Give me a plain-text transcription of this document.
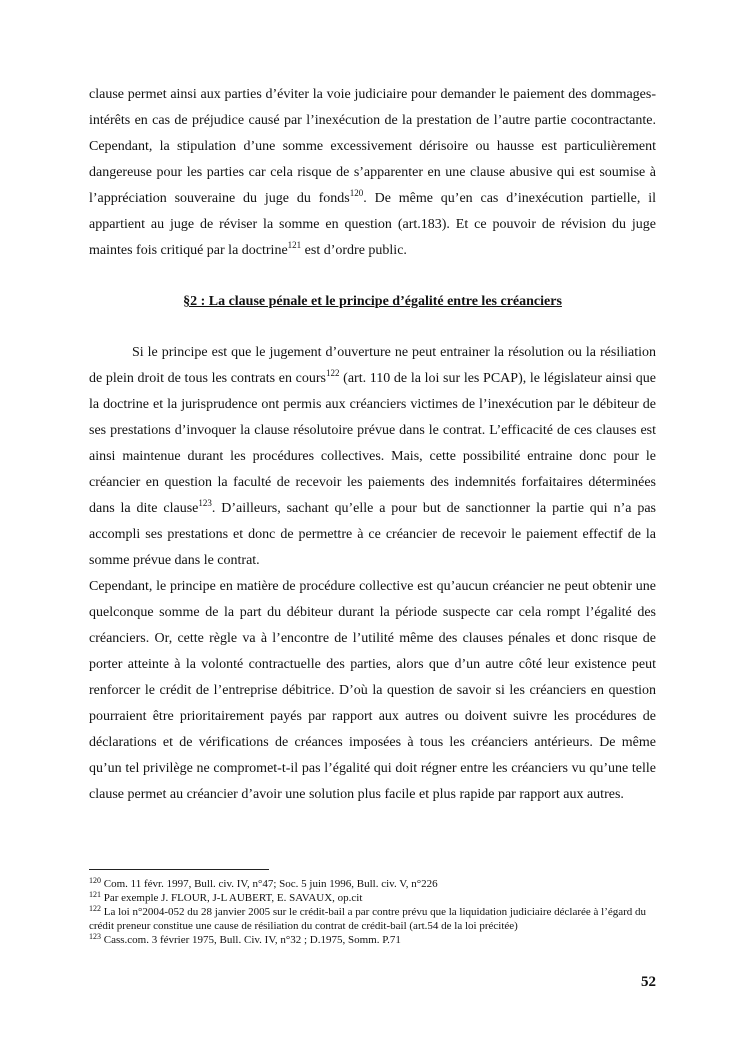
clause permet ainsi aux parties d’éviter la voie judiciaire pour demander le paiement des dommages-intérêts en cas de préjudice causé par l’inexécution de la prestation de l’autre partie cocontractante. Cependant, la stipulation d’une somme excessivement dérisoire ou hausse est particulièrement dangereuse pour les parties car cela risque de s’apparenter en une clause abusive qui est soumise à l’appréciation souveraine du juge du fonds$^{120}$. De même qu’en cas d’inexécution partielle, il appartient au juge de réviser la somme en question (art.183). Et ce pouvoir de révision du juge maintes fois critiqué par la doctrine$^{121}$ est d’ordre public.

§2 : La clause pénale et le principe d’égalité entre les créanciers

Si le principe est que le jugement d’ouverture ne peut entrainer la résolution ou la résiliation de plein droit de tous les contrats en cours$^{122}$ (art. 110 de la loi sur les PCAP), le législateur ainsi que la doctrine et la jurisprudence ont permis aux créanciers victimes de l’inexécution par le débiteur de ses prestations d’invoquer la clause résolutoire prévue dans le contrat. L’efficacité de ces clauses est ainsi maintenue durant les procédures collectives. Mais, cette possibilité entraine donc pour le créancier en question la faculté de recevoir les paiements des indemnités forfaitaires déterminées dans la dite clause$^{123}$. D’ailleurs, sachant qu’elle a pour but de sanctionner la partie qui n’a pas accompli ses prestations et donc de permettre à ce créancier de recevoir le paiement effectif de la somme prévue dans le contrat.

Cependant, le principe en matière de procédure collective est qu’aucun créancier ne peut obtenir une quelconque somme de la part du débiteur durant la période suspecte car cela rompt l’égalité des créanciers. Or, cette règle va à l’encontre de l’utilité même des clauses pénales et donc risque de porter atteinte à la volonté contractuelle des parties, alors que d’un autre côté leur existence peut renforcer le crédit de l’entreprise débitrice. D’où la question de savoir si les créanciers en question pourraient être prioritairement payés par rapport aux autres ou doivent suivre les procédures de déclarations et de vérifications de créances imposées à tous les créanciers antérieurs. De même qu’un tel privilège ne compromet-t-il pas l’égalité qui doit régner entre les créanciers vu qu’une telle clause permet au créancier d’avoir une solution plus facile et plus rapide par rapport aux autres.

$^{120}$ Com. 11 févr. 1997, Bull. civ. IV, n°47; Soc. 5 juin 1996, Bull. civ. V, n°226

$^{121}$ Par exemple J. FLOUR, J-L AUBERT, E. SAVAUX, op.cit

$^{122}$ La loi n°2004-052 du 28 janvier 2005 sur le crédit-bail a par contre prévu que la liquidation judiciaire déclarée à l’égard du crédit preneur constitue une cause de résiliation du contrat de crédit-bail (art.54 de la loi précitée)

$^{123}$ Cass.com. 3 février 1975, Bull. Civ. IV, n°32 ; D.1975, Somm. P.71

52
